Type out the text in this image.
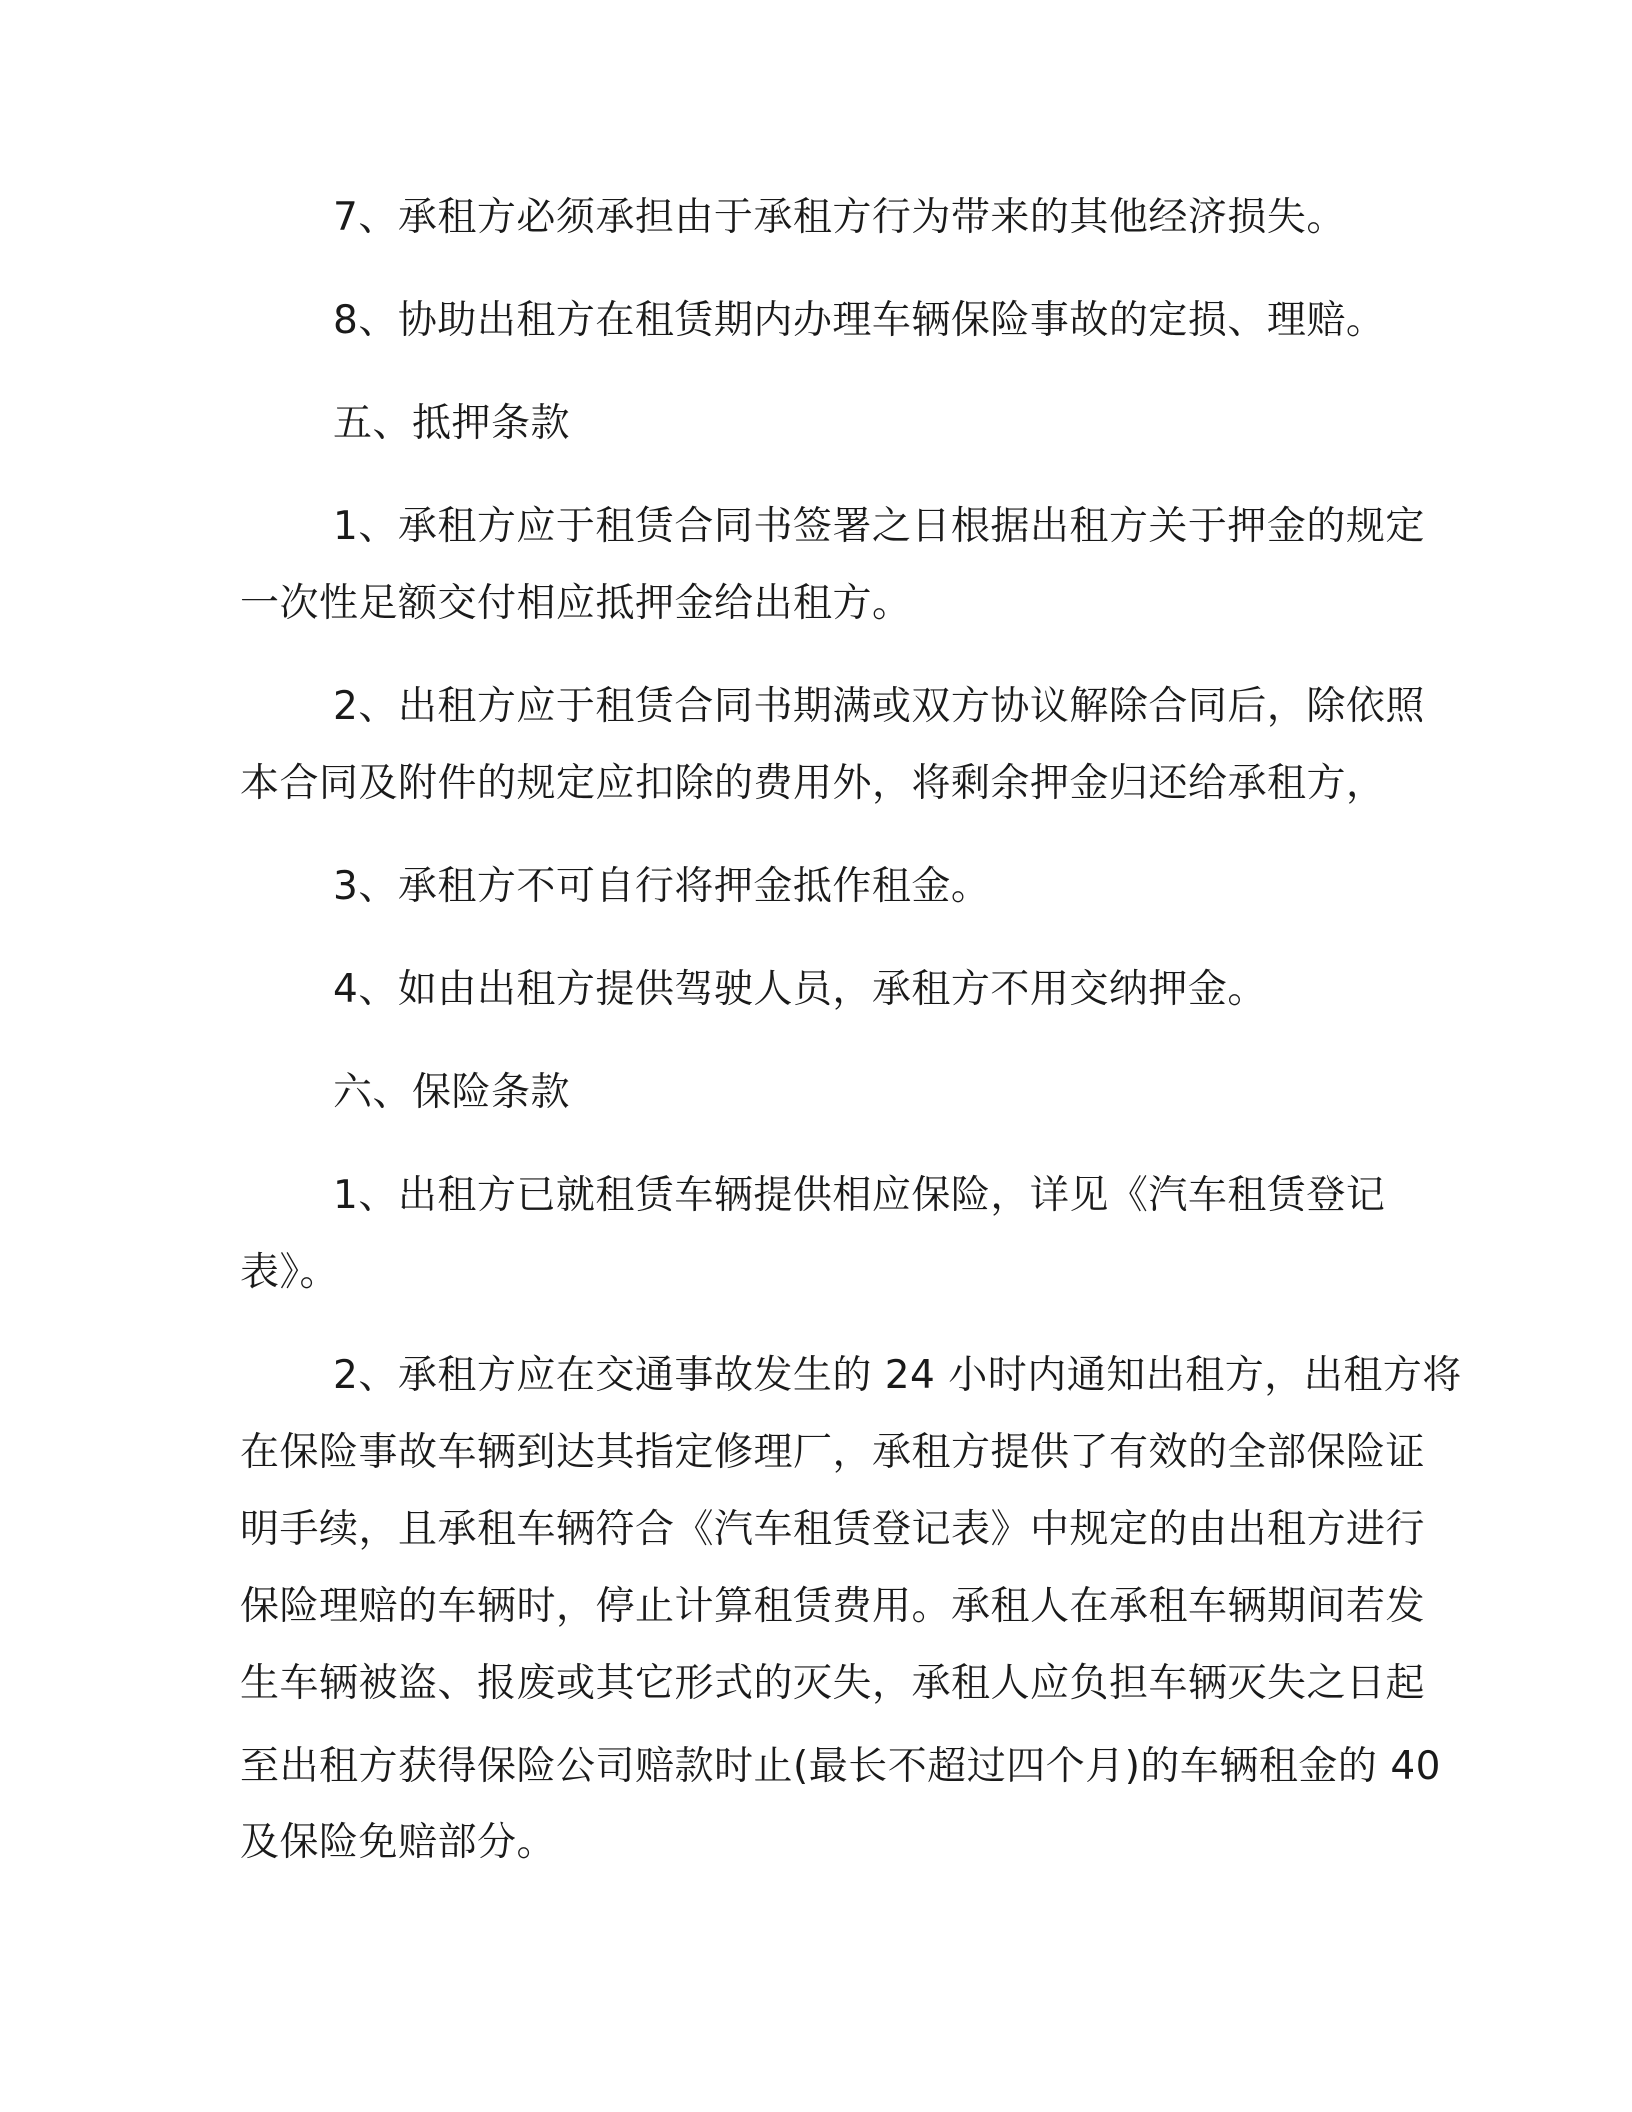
7、承租方必须承担由于承租方行为带来的其他经济损失。
8、协助出租方在租赁期内办理车辆保险事故的定损、理赔。
五、抵押条款
1、承租方应于租赁合同书签署之日根据出租方关于押金的规定
一次性足额交付相应抵押金给出租方。
2、出租方应于租赁合同书期满或双方协议解除合同后，除依照
本合同及附件的规定应扣除的费用外，将剩余押金归还给承租方，
3、承租方不可自行将押金抵作租金。
4、如由出租方提供驾驶人员，承租方不用交纳押金。
六、保险条款
1、出租方已就租赁车辆提供相应保险，详见《汽车租赁登记
表》。
2、承租方应在交通事故发生的 24 小时内通知出租方，出租方将
在保险事故车辆到达其指定修理厂，承租方提供了有效的全部保险证
明手续，且承租车辆符合《汽车租赁登记表》中规定的由出租方进行
保险理赔的车辆时，停止计算租赁费用。承租人在承租车辆期间若发
生车辆被盗、报废或其它形式的灭失，承租人应负担车辆灭失之日起
至出租方获得保险公司赔款时止(最长不超过四个月)的车辆租金的 40
及保险免赔部分。
